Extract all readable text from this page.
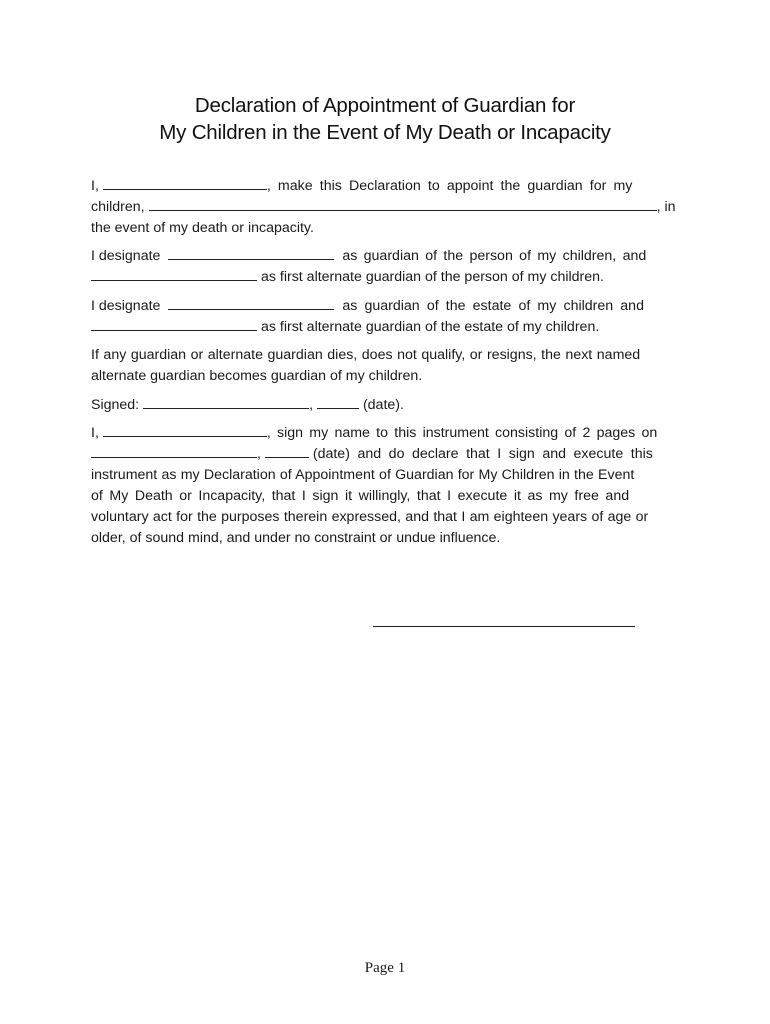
Declaration of Appointment of Guardian for
My Children in the Event of My Death or Incapacity
I,	, make this Declaration to appoint the guardian for my
children,	, in
the event of my death or incapacity.
I designate	as guardian of the person of my children, and
as first alternate guardian of the person of my children.
I designate	as guardian of the estate of my children and
as first alternate guardian of the estate of my children.
If any guardian or alternate guardian dies, does not qualify, or resigns, the next named
alternate guardian becomes guardian of my children.
Signed:	,	(date).
I,	, sign my name to this instrument consisting of 2 pages on
,	(date) and do declare that I sign and execute this
instrument as my Declaration of Appointment of Guardian for My Children in the Event
of My Death or Incapacity, that I sign it willingly, that I execute it as my free and
voluntary act for the purposes therein expressed, and that I am eighteen years of age or
older, of sound mind, and under no constraint or undue influence.
Page 1
